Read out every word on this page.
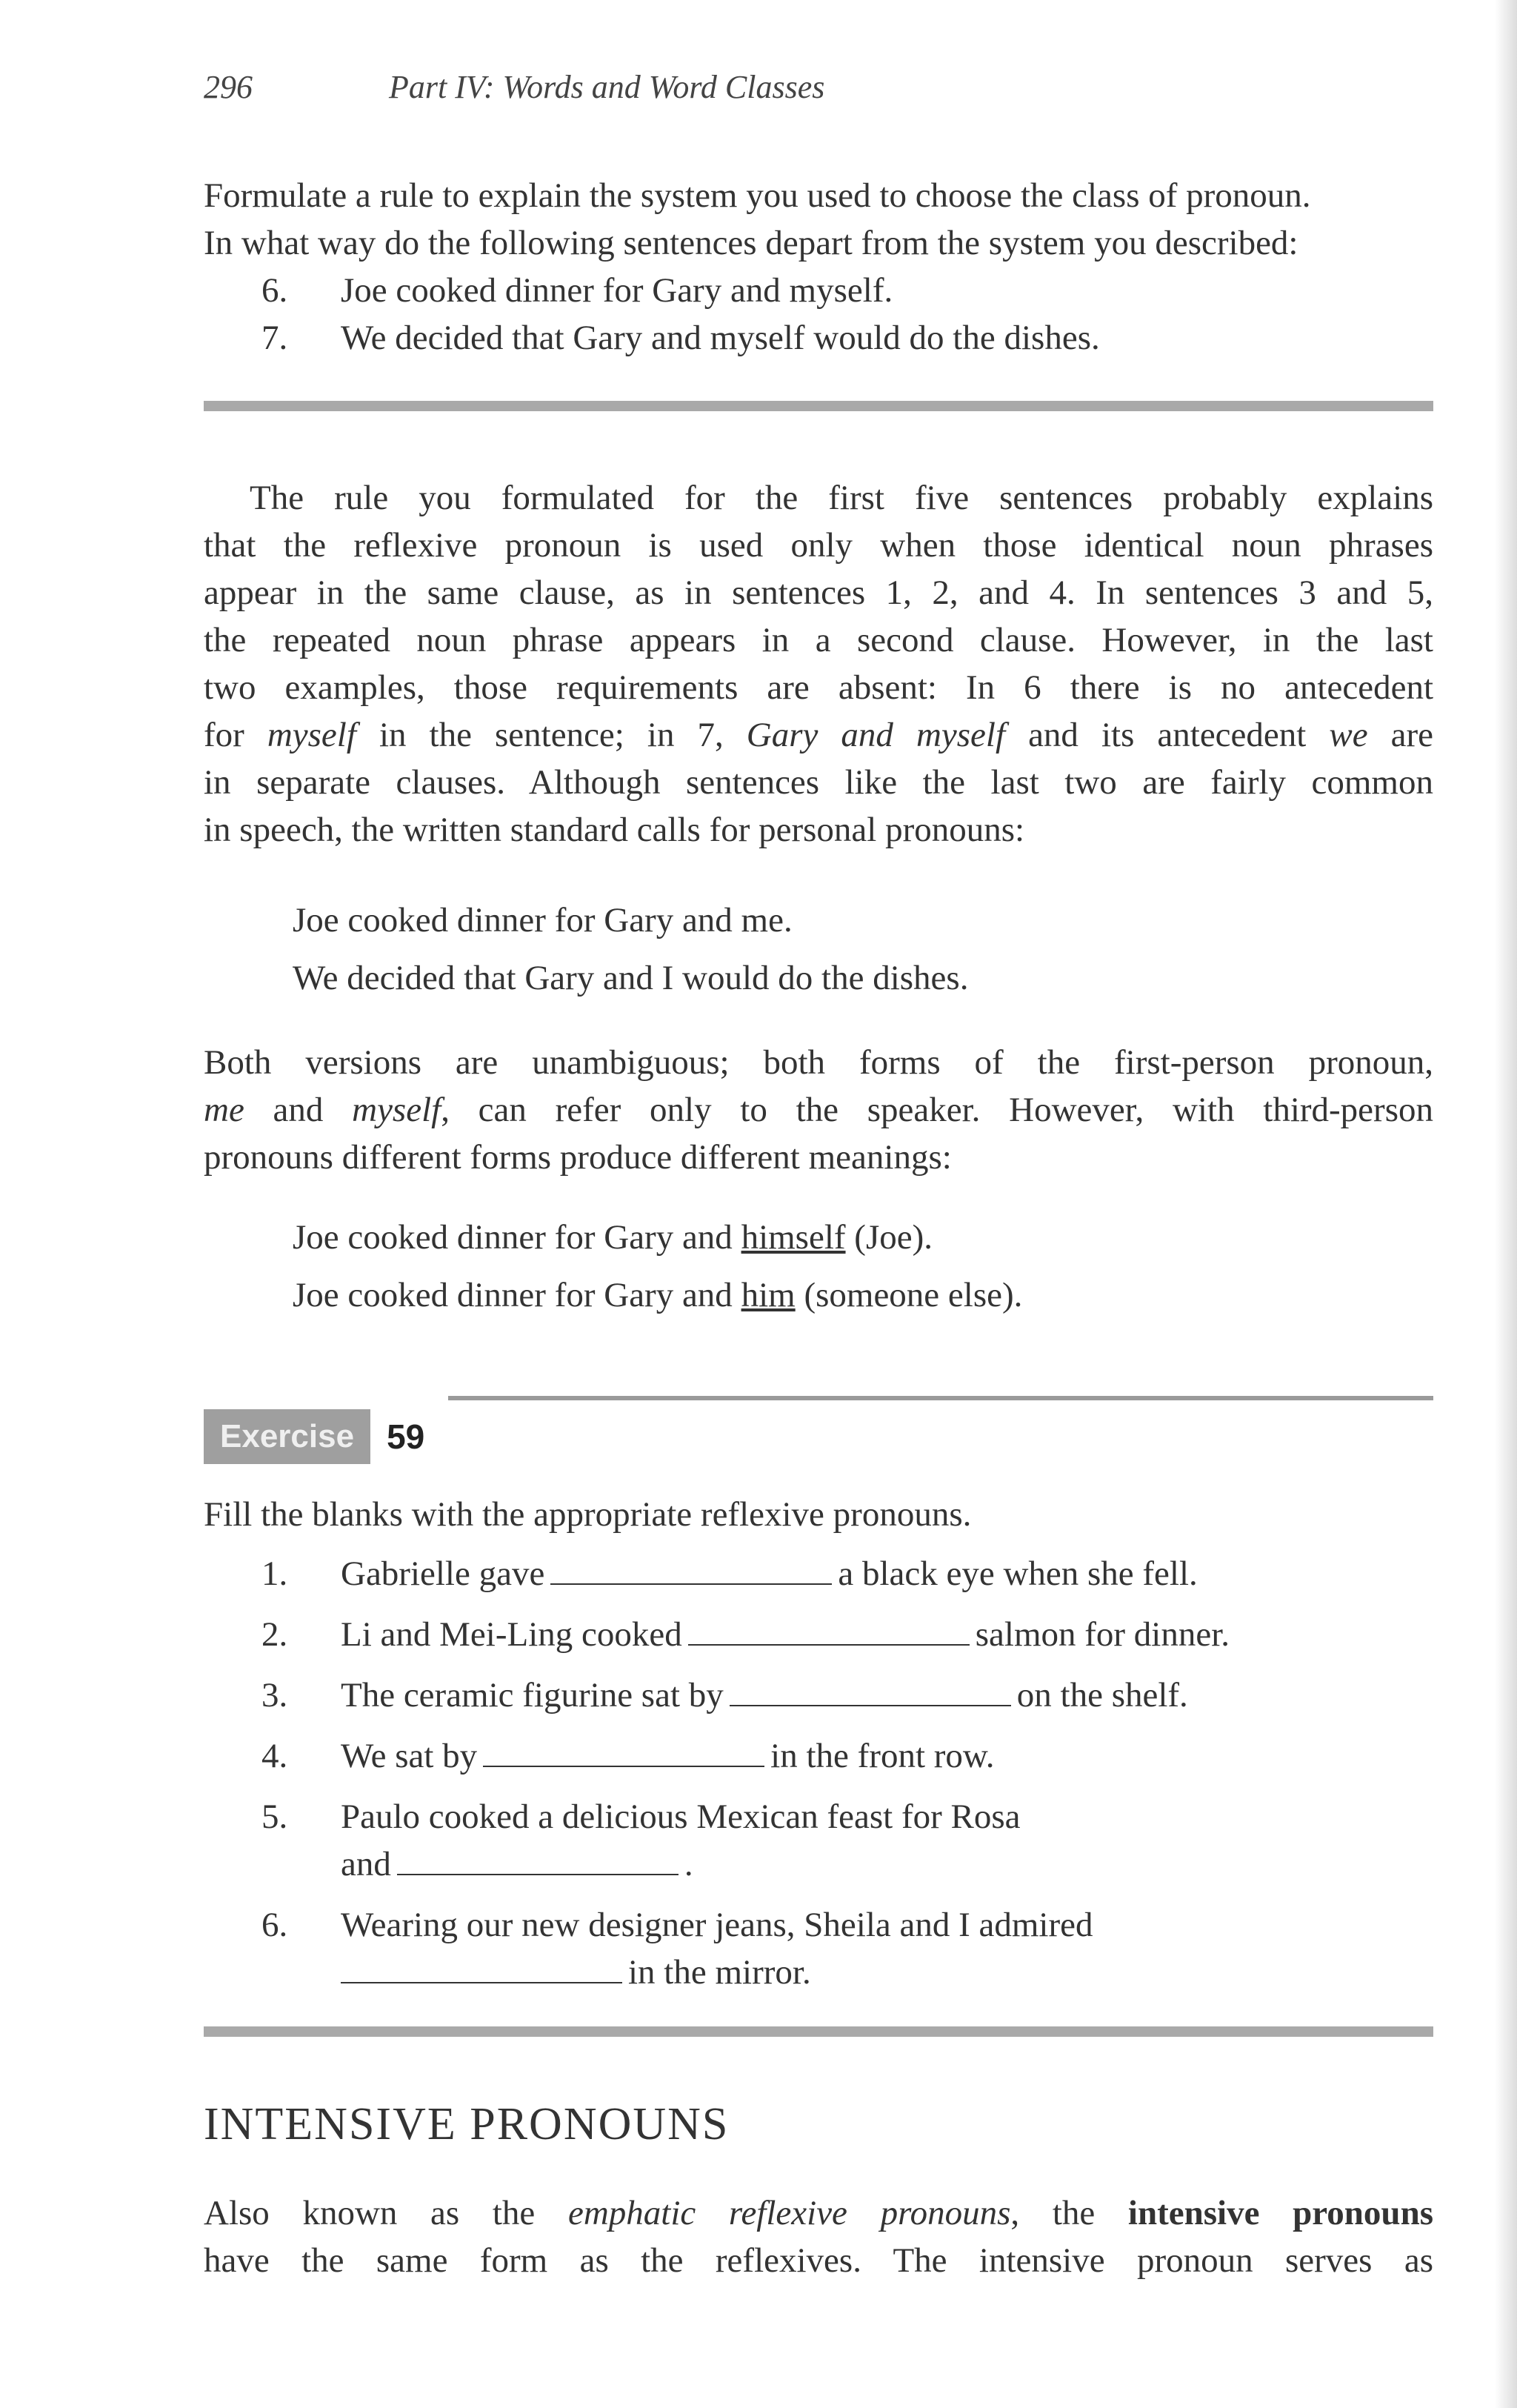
296	Part IV: Words and Word Classes

Formulate a rule to explain the system you used to choose the class of pronoun.

In what way do the following sentences depart from the system you described:

6.	Joe cooked dinner for Gary and myself.
7.	We decided that Gary and myself would do the dishes.

The rule you formulated for the first five sentences probably explains

that the reflexive pronoun is used only when those identical noun phrases

appear in the same clause, as in sentences 1, 2, and 4. In sentences 3 and 5,

the repeated noun phrase appears in a second clause. However, in the last

two examples, those requirements are absent: In 6 there is no antecedent

for myself in the sentence; in 7, Gary and myself and its antecedent we are

in separate clauses. Although sentences like the last two are fairly common

in speech, the written standard calls for personal pronouns:

Joe cooked dinner for Gary and me.

We decided that Gary and I would do the dishes.

Both versions are unambiguous; both forms of the first-person pronoun,

me and myself, can refer only to the speaker. However, with third-person

pronouns different forms produce different meanings:

Joe cooked dinner for Gary and himself (Joe).

Joe cooked dinner for Gary and him (someone else).

Exercise 59

Fill the blanks with the appropriate reflexive pronouns.

1.	Gabrielle gave	a black eye when she fell.
2.	Li and Mei-Ling cooked	salmon for dinner.
3.	The ceramic figurine sat by	on the shelf.
4.	We sat by	in the front row.
5.	Paulo cooked a delicious Mexican feast for Rosa
and	.
6.	Wearing our new designer jeans, Sheila and I admired
in the mirror.
INTENSIVE PRONOUNS

Also known as the emphatic reflexive pronouns, the intensive pronouns

have the same form as the reflexives. The intensive pronoun serves as
